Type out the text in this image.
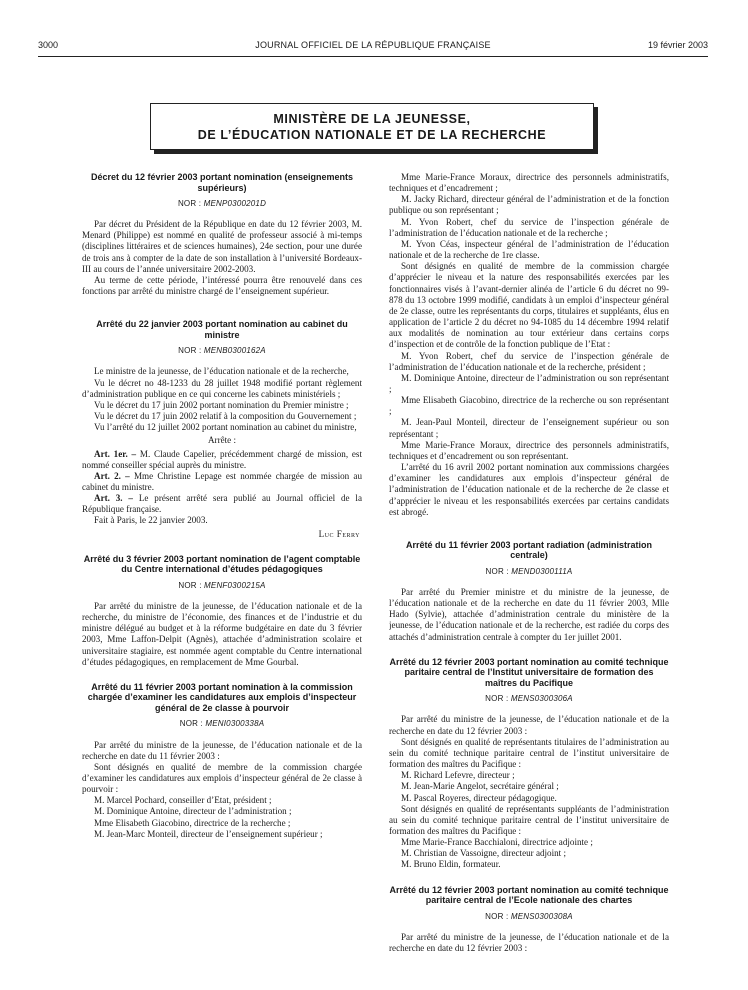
3000	JOURNAL OFFICIEL DE LA RÉPUBLIQUE FRANÇAISE	19 février 2003
MINISTÈRE DE LA JEUNESSE,
DE L’ÉDUCATION NATIONALE ET DE LA RECHERCHE
Décret du 12 février 2003 portant nomination (enseignements supérieurs)
NOR : MENP0300201D

Par décret du Président de la République en date du 12 février 2003, M. Menard (Philippe) est nommé en qualité de professeur associé à mi-temps (disciplines littéraires et de sciences humaines), 24e section, pour une durée de trois ans à compter de la date de son installation à l’université Bordeaux-III au cours de l’année universitaire 2002-2003.

Au terme de cette période, l’intéressé pourra être renouvelé dans ces fonctions par arrêté du ministre chargé de l’enseignement supérieur.

Arrêté du 22 janvier 2003 portant nomination au cabinet du ministre
NOR : MENB0300162A

Le ministre de la jeunesse, de l’éducation nationale et de la recherche,

Vu le décret no 48-1233 du 28 juillet 1948 modifié portant règlement d’administration publique en ce qui concerne les cabinets ministériels ;

Vu le décret du 17 juin 2002 portant nomination du Premier ministre ;

Vu le décret du 17 juin 2002 relatif à la composition du Gouvernement ;

Vu l’arrêté du 12 juillet 2002 portant nomination au cabinet du ministre,

Arrête :

Art. 1er. – M. Claude Capelier, précédemment chargé de mission, est nommé conseiller spécial auprès du ministre.

Art. 2. – Mme Christine Lepage est nommée chargée de mission au cabinet du ministre.

Art. 3. – Le présent arrêté sera publié au Journal officiel de la République française.

Fait à Paris, le 22 janvier 2003.

Luc Ferry

Arrêté du 3 février 2003 portant nomination de l’agent comptable du Centre international d’études pédagogiques
NOR : MENF0300215A

Par arrêté du ministre de la jeunesse, de l’éducation nationale et de la recherche, du ministre de l’économie, des finances et de l’industrie et du ministre délégué au budget et à la réforme budgétaire en date du 3 février 2003, Mme Laffon-Delpit (Agnès), attachée d’administration scolaire et universitaire stagiaire, est nommée agent comptable du Centre international d’études pédagogiques, en remplacement de Mme Gourbal.

Arrêté du 11 février 2003 portant nomination à la commission chargée d’examiner les candidatures aux emplois d’inspecteur général de 2e classe à pourvoir
NOR : MENI0300338A

Par arrêté du ministre de la jeunesse, de l’éducation nationale et de la recherche en date du 11 février 2003 :

Sont désignés en qualité de membre de la commission chargée d’examiner les candidatures aux emplois d’inspecteur général de 2e classe à pourvoir :

M. Marcel Pochard, conseiller d’Etat, président ;

M. Dominique Antoine, directeur de l’administration ;

Mme Elisabeth Giacobino, directrice de la recherche ;

M. Jean-Marc Monteil, directeur de l’enseignement supérieur ;

Mme Marie-France Moraux, directrice des personnels administratifs, techniques et d’encadrement ;

M. Jacky Richard, directeur général de l’administration et de la fonction publique ou son représentant ;

M. Yvon Robert, chef du service de l’inspection générale de l’administration de l’éducation nationale et de la recherche ;

M. Yvon Céas, inspecteur général de l’administration de l’éducation nationale et de la recherche de 1re classe.

Sont désignés en qualité de membre de la commission chargée d’apprécier le niveau et la nature des responsabilités exercées par les fonctionnaires visés à l’avant-dernier alinéa de l’article 6 du décret no 99-878 du 13 octobre 1999 modifié, candidats à un emploi d’inspecteur général de 2e classe, outre les représentants du corps, titulaires et suppléants, élus en application de l’article 2 du décret no 94-1085 du 14 décembre 1994 relatif aux modalités de nomination au tour extérieur dans certains corps d’inspection et de contrôle de la fonction publique de l’Etat :

M. Yvon Robert, chef du service de l’inspection générale de l’administration de l’éducation nationale et de la recherche, président ;

M. Dominique Antoine, directeur de l’administration ou son représentant ;

Mme Elisabeth Giacobino, directrice de la recherche ou son représentant ;

M. Jean-Paul Monteil, directeur de l’enseignement supérieur ou son représentant ;

Mme Marie-France Moraux, directrice des personnels administratifs, techniques et d’encadrement ou son représentant.

L’arrêté du 16 avril 2002 portant nomination aux commissions chargées d’examiner les candidatures aux emplois d’inspecteur général de l’administration de l’éducation nationale et de la recherche de 2e classe et d’apprécier le niveau et les responsabilités exercées par certains candidats est abrogé.

Arrêté du 11 février 2003 portant radiation (administration centrale)
NOR : MEND0300111A

Par arrêté du Premier ministre et du ministre de la jeunesse, de l’éducation nationale et de la recherche en date du 11 février 2003, Mlle Hado (Sylvie), attachée d’administration centrale du ministère de la jeunesse, de l’éducation nationale et de la recherche, est radiée du corps des attachés d’administration centrale à compter du 1er juillet 2001.

Arrêté du 12 février 2003 portant nomination au comité technique paritaire central de l’Institut universitaire de formation des maîtres du Pacifique
NOR : MENS0300306A

Par arrêté du ministre de la jeunesse, de l’éducation nationale et de la recherche en date du 12 février 2003 :

Sont désignés en qualité de représentants titulaires de l’administration au sein du comité technique paritaire central de l’institut universitaire de formation des maîtres du Pacifique :

M. Richard Lefevre, directeur ;

M. Jean-Marie Angelot, secrétaire général ;

M. Pascal Royeres, directeur pédagogique.

Sont désignés en qualité de représentants suppléants de l’administration au sein du comité technique paritaire central de l’institut universitaire de formation des maîtres du Pacifique :

Mme Marie-France Bacchialoni, directrice adjointe ;

M. Christian de Vassoigne, directeur adjoint ;

M. Bruno Eldin, formateur.

Arrêté du 12 février 2003 portant nomination au comité technique paritaire central de l’Ecole nationale des chartes
NOR : MENS0300308A

Par arrêté du ministre de la jeunesse, de l’éducation nationale et de la recherche en date du 12 février 2003 :
